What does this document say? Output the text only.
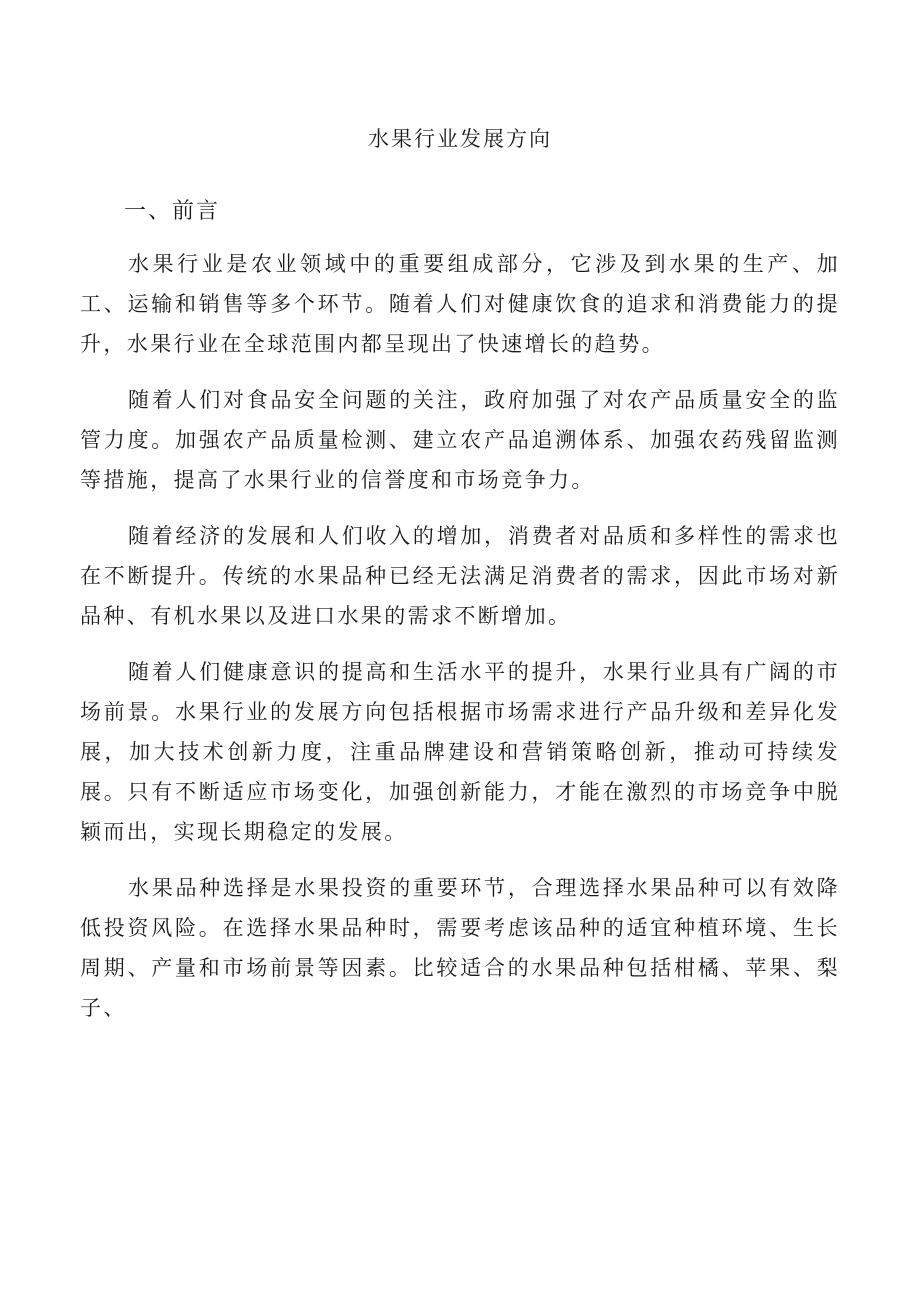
水果行业发展方向
一、前言

水果行业是农业领域中的重要组成部分，它涉及到水果的生产、加工、运输和销售等多个环节。随着人们对健康饮食的追求和消费能力的提升，水果行业在全球范围内都呈现出了快速增长的趋势。

随着人们对食品安全问题的关注，政府加强了对农产品质量安全的监管力度。加强农产品质量检测、建立农产品追溯体系、加强农药残留监测等措施，提高了水果行业的信誉度和市场竞争力。

随着经济的发展和人们收入的增加，消费者对品质和多样性的需求也在不断提升。传统的水果品种已经无法满足消费者的需求，因此市场对新品种、有机水果以及进口水果的需求不断增加。

随着人们健康意识的提高和生活水平的提升，水果行业具有广阔的市场前景。水果行业的发展方向包括根据市场需求进行产品升级和差异化发展，加大技术创新力度，注重品牌建设和营销策略创新，推动可持续发展。只有不断适应市场变化，加强创新能力，才能在激烈的市场竞争中脱颖而出，实现长期稳定的发展。

水果品种选择是水果投资的重要环节，合理选择水果品种可以有效降低投资风险。在选择水果品种时，需要考虑该品种的适宜种植环境、生长周期、产量和市场前景等因素。比较适合的水果品种包括柑橘、苹果、梨子、
